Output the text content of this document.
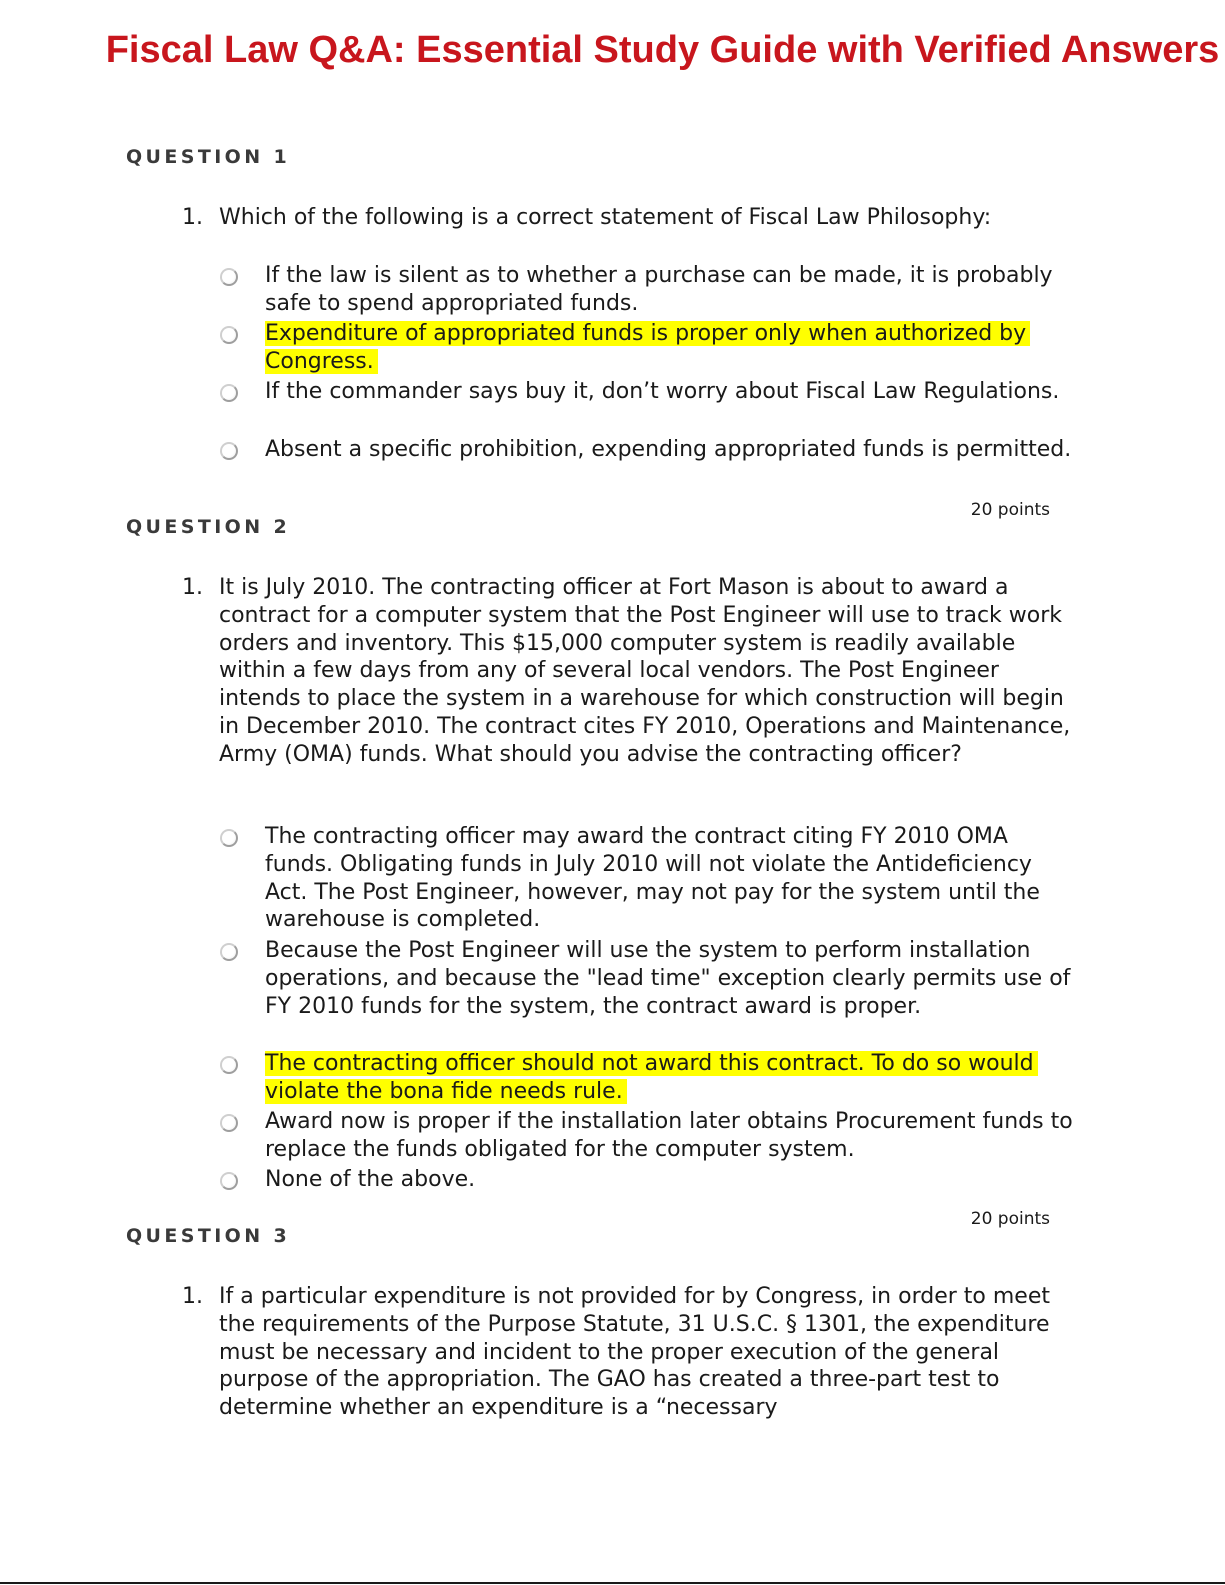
Fiscal Law Q&A: Essential Study Guide with Verified Answers
QUESTION 1
1. Which of the following is a correct statement of Fiscal Law Philosophy:

If the law is silent as to whether a purchase can be made, it is probably safe to spend appropriated funds.

Expenditure of appropriated funds is proper only when authorized by Congress.

If the commander says buy it, don’t worry about Fiscal Law Regulations.

Absent a specific prohibition, expending appropriated funds is permitted.

20 points
QUESTION 2
1. It is July 2010. The contracting officer at Fort Mason is about to award a contract for a computer system that the Post Engineer will use to track work orders and inventory. This $15,000 computer system is readily available within a few days from any of several local vendors. The Post Engineer intends to place the system in a warehouse for which construction will begin in December 2010. The contract cites FY 2010, Operations and Maintenance, Army (OMA) funds. What should you advise the contracting officer?

The contracting officer may award the contract citing FY 2010 OMA funds. Obligating funds in July 2010 will not violate the Antideficiency Act. The Post Engineer, however, may not pay for the system until the warehouse is completed.

Because the Post Engineer will use the system to perform installation operations, and because the "lead time" exception clearly permits use of FY 2010 funds for the system, the contract award is proper.

The contracting officer should not award this contract. To do so would violate the bona fide needs rule.

Award now is proper if the installation later obtains Procurement funds to replace the funds obligated for the computer system.

None of the above.

20 points
QUESTION 3
1. If a particular expenditure is not provided for by Congress, in order to meet the requirements of the Purpose Statute, 31 U.S.C. § 1301, the expenditure must be necessary and incident to the proper execution of the general purpose of the appropriation. The GAO has created a three-part test to determine whether an expenditure is a “necessary
